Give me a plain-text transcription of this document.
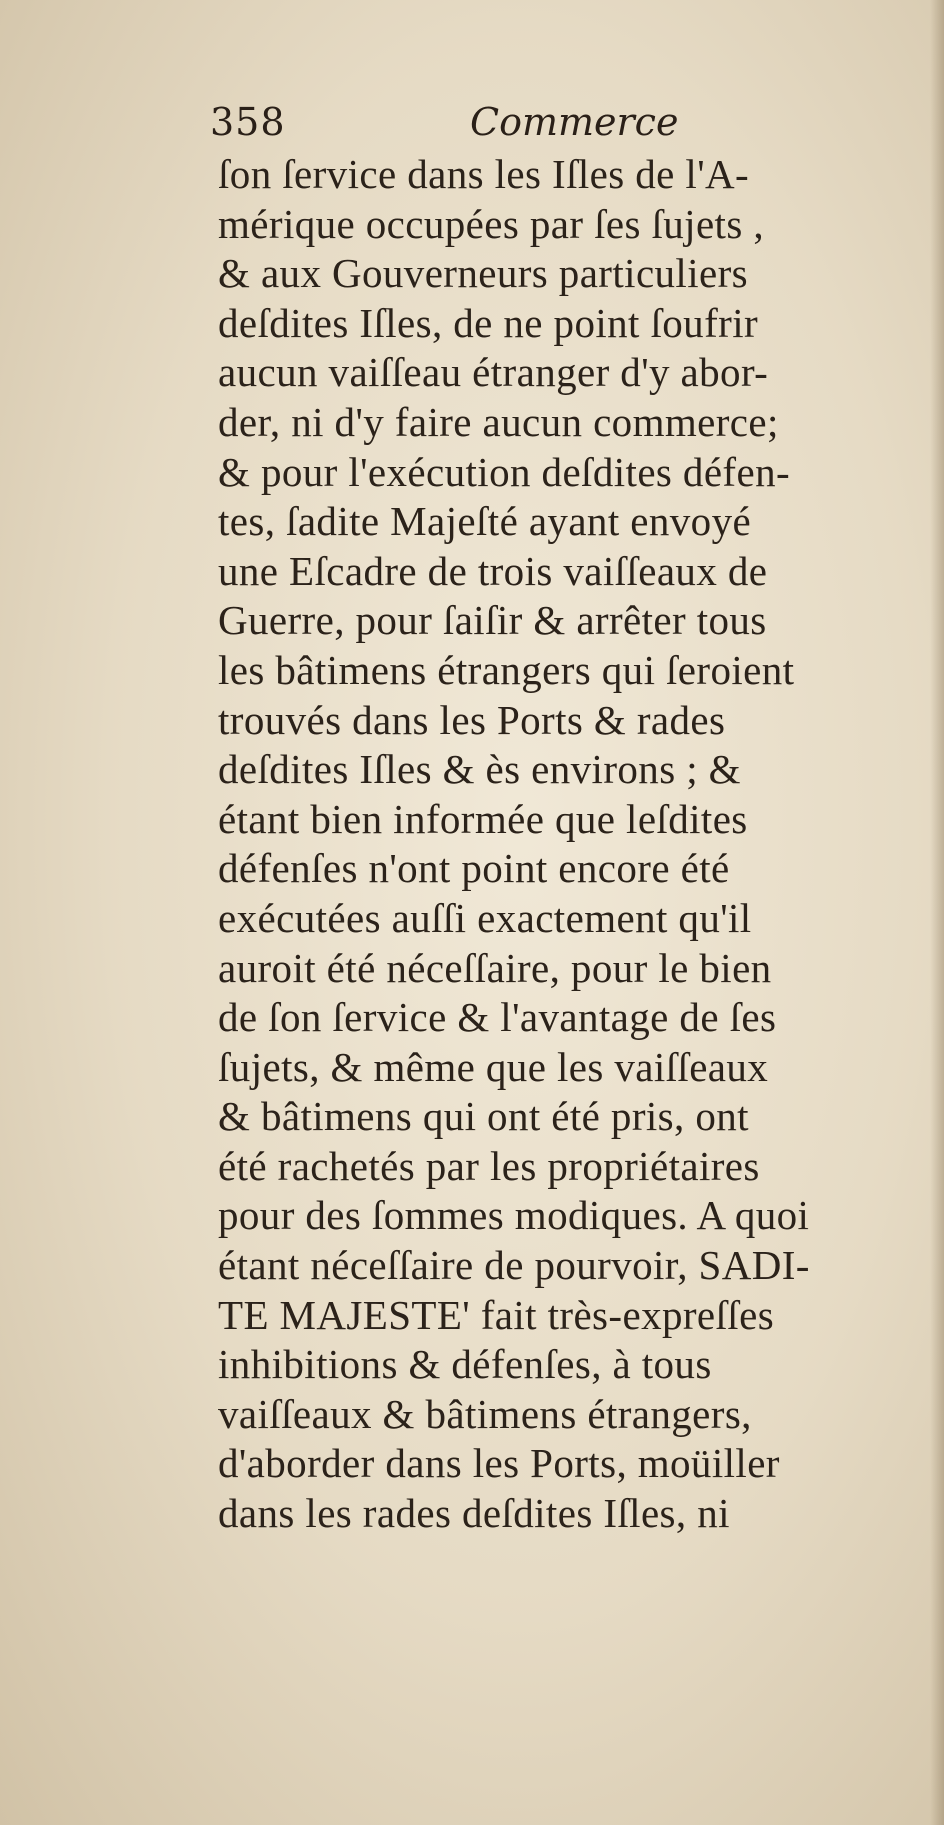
358	Commerce
ſon ſervice dans les Iſles de l'A-
mérique occupées par ſes ſujets ,
& aux Gouverneurs particuliers
deſdites Iſles, de ne point ſoufrir
aucun vaiſſeau étranger d'y abor-
der, ni d'y faire aucun commerce;
& pour l'exécution deſdites défen-
tes, ſadite Majeſté ayant envoyé
une Eſcadre de trois vaiſſeaux de
Guerre, pour ſaiſir & arrêter tous
les bâtimens étrangers qui ſeroient
trouvés dans les Ports & rades
deſdites Iſles & ès environs ; &
étant bien informée que leſdites
défenſes n'ont point encore été
exécutées auſſi exactement qu'il
auroit été néceſſaire, pour le bien
de ſon ſervice & l'avantage de ſes
ſujets, & même que les vaiſſeaux
& bâtimens qui ont été pris, ont
été rachetés par les propriétaires
pour des ſommes modiques. A quoi
étant néceſſaire de pourvoir, SADI-
TE MAJESTE' fait très-expreſſes
inhibitions & défenſes, à tous
vaiſſeaux & bâtimens étrangers,
d'aborder dans les Ports, moüiller
dans les rades deſdites Iſles, ni
